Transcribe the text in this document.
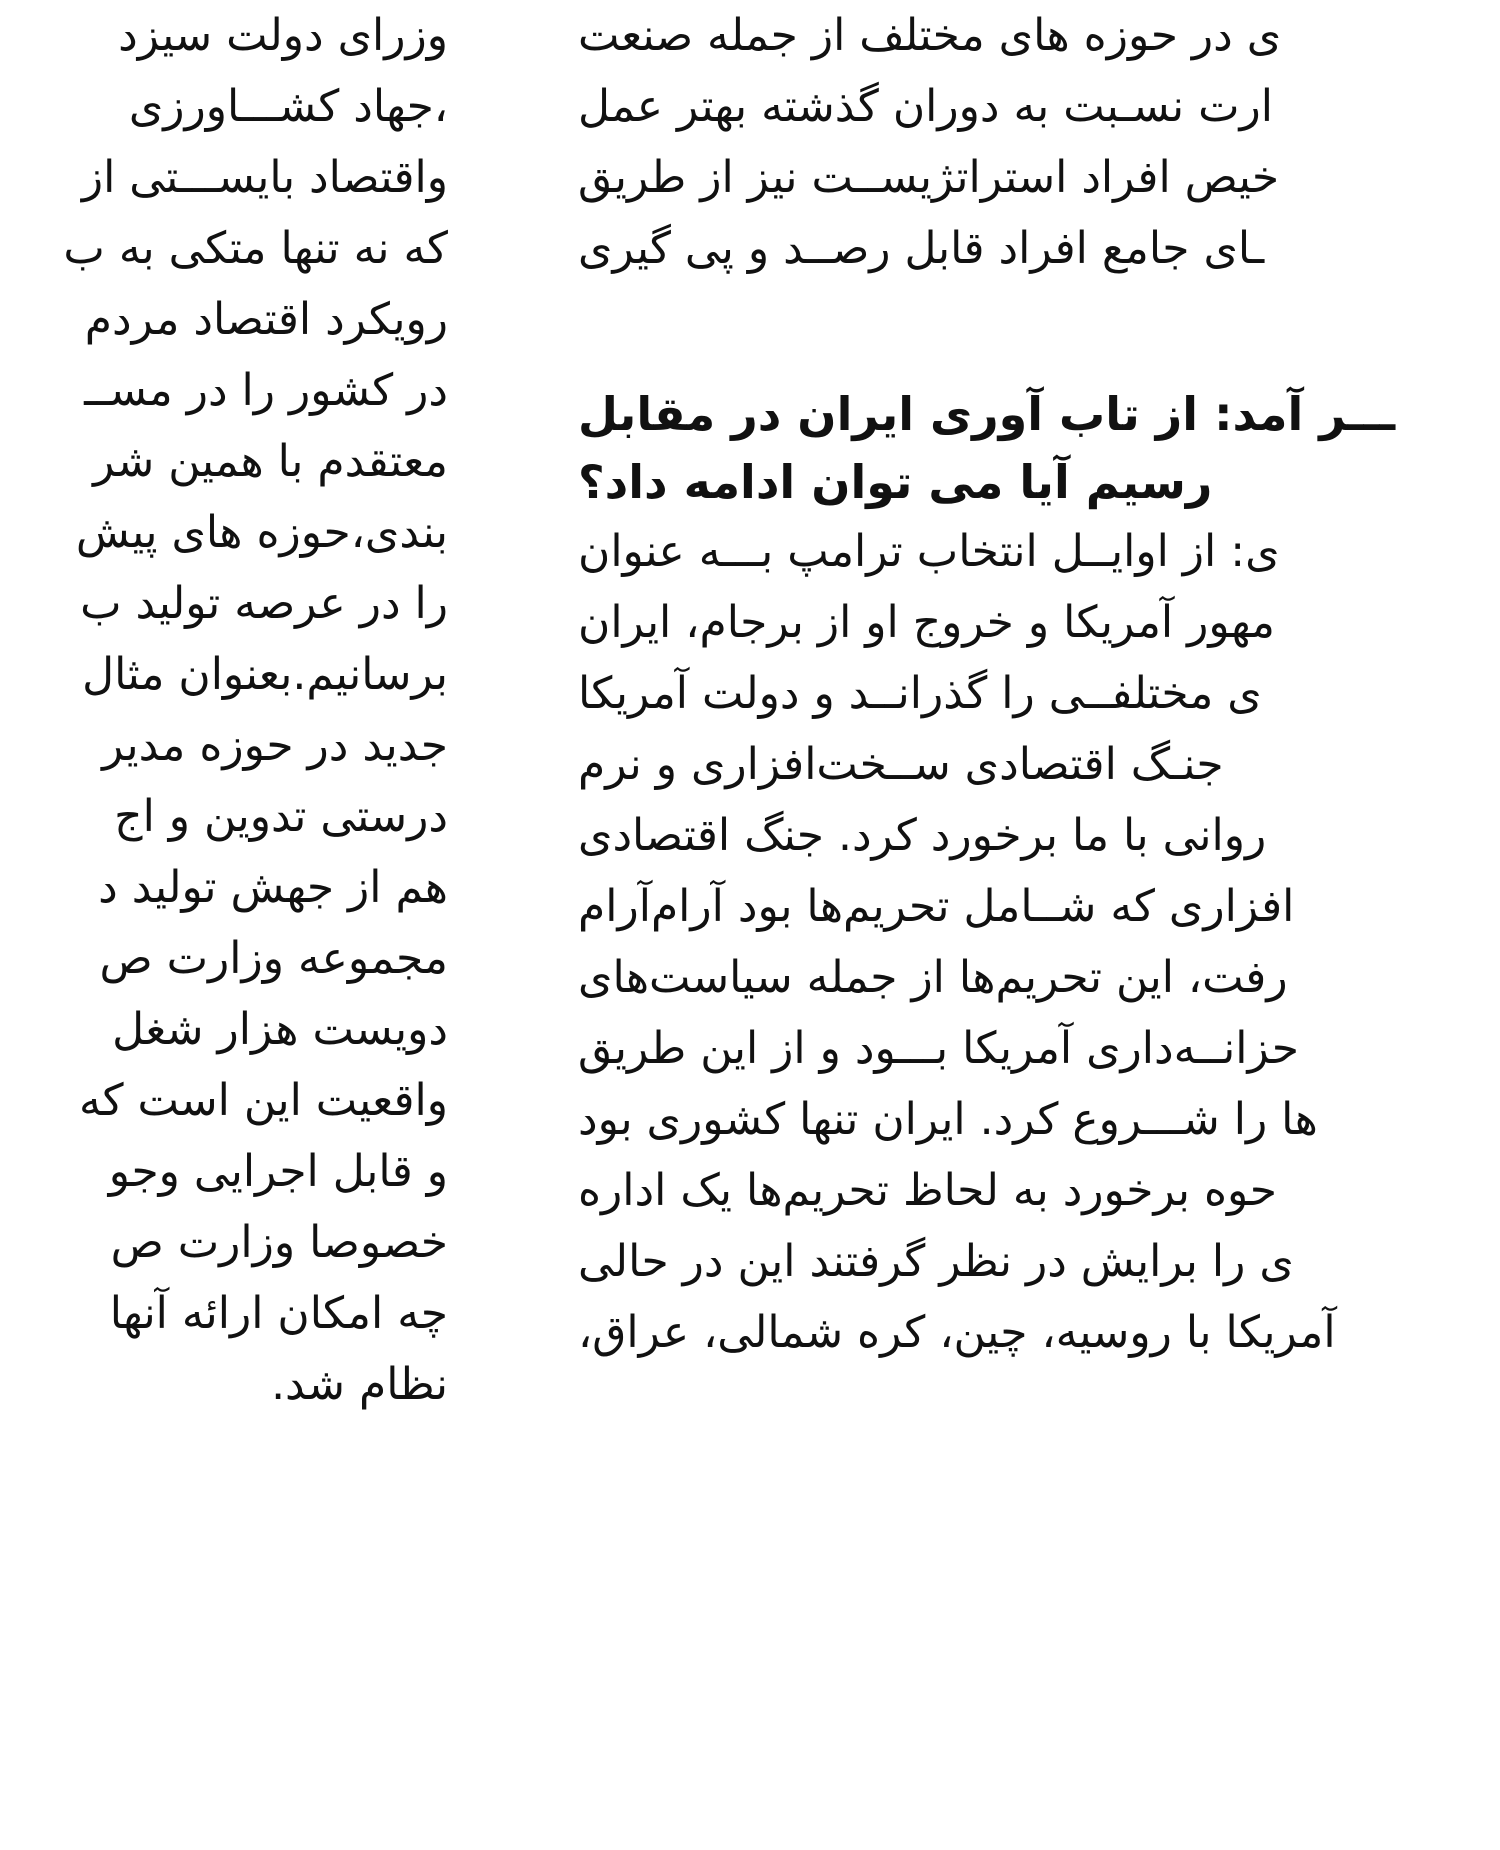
وزرای دولت سیزد
،جهاد کشـــاورزی
واقتصاد بایســـتی از
که نه تنها متکی به ب
رویکرد اقتصاد مردم
در کشور را در مســ
معتقدم با همین شر
بندی،حوزه های پیش
را در عرصه تولید ب
برسانیم.بعنوان مثال
جدید در حوزه مدیر
درستی تدوین و اج
هم از جهش تولید د
مجموعه وزارت ص
دویست هزار شغل
واقعیت این است که
و قابل اجرایی وجو
خصوصا وزارت ص
چه امکان ارائه آنها
نظام شد.
ی در حوزه های مختلف از جمله صنعت
ارت نسـبت به دوران گذشته بهتر عمل
خیص افراد استراتژیســت نیز از طریق
ـای جامع افراد قابل رصــد و پی گیری
ـــر آمد: از تاب آوری ایران در مقابل
رسیم آیا می توان ادامه داد؟
ی: از اوایــل انتخاب ترامپ بـــه عنوان
مهور آمریکا و خروج او از برجام، ایران
ی مختلفــی را گذرانــد و دولت آمریکا
جنـگ اقتصادی ســخت‌افزاری و نرم
روانی با ما برخورد کرد. جنگ اقتصادی
افزاری که شــامل تحریم‌ها بود آرام‌آرام
رفت، این تحریم‌ها از جمله سیاست‌های
حزانــه‌داری آمریکا بـــود و از این طریق
ها را شـــروع کرد. ایران تنها کشوری بود
حوه برخورد به لحاظ تحریم‌ها یک اداره
ی را برایش در نظر گرفتند این در حالی
آمریکا با روسیه، چین، کره شمالی، عراق،
